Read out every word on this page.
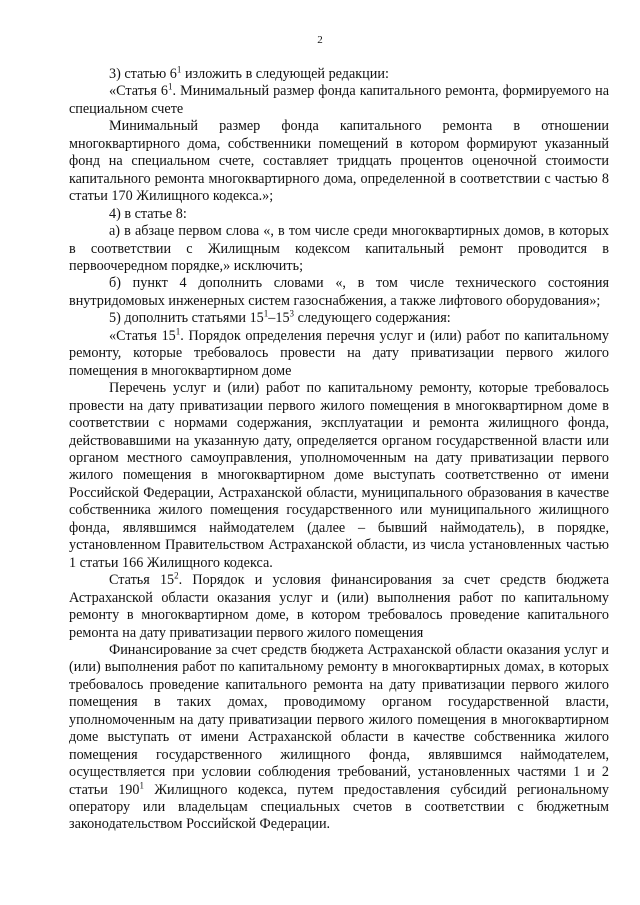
2

3) статью $6^1$ изложить в следующей редакции:

«Статья $6^1$. Минимальный размер фонда капитального ремонта, формируемого на специальном счете

Минимальный размер фонда капитального ремонта в отношении многоквартирного дома, собственники помещений в котором формируют указанный фонд на специальном счете, составляет тридцать процентов оценочной стоимости капитального ремонта многоквартирного дома, определенной в соответствии с частью 8 статьи 170 Жилищного кодекса.»;

4) в статье 8:

а) в абзаце первом слова «, в том числе среди многоквартирных домов, в которых в соответствии с Жилищным кодексом капитальный ремонт проводится в первоочередном порядке,» исключить;

б) пункт 4 дополнить словами «, в том числе технического состояния внутридомовых инженерных систем газоснабжения, а также лифтового оборудования»;

5) дополнить статьями $15^1-15^3$ следующего содержания:

«Статья $15^1$. Порядок определения перечня услуг и (или) работ по капитальному ремонту, которые требовалось провести на дату приватизации первого жилого помещения в многоквартирном доме

Перечень услуг и (или) работ по капитальному ремонту, которые требовалось провести на дату приватизации первого жилого помещения в многоквартирном доме в соответствии с нормами содержания, эксплуатации и ремонта жилищного фонда, действовавшими на указанную дату, определяется органом государственной власти или органом местного самоуправления, уполномоченным на дату приватизации первого жилого помещения в многоквартирном доме выступать соответственно от имени Российской Федерации, Астраханской области, муниципального образования в качестве собственника жилого помещения государственного или муниципального жилищного фонда, являвшимся наймодателем (далее – бывший наймодатель), в порядке, установленном Правительством Астраханской области, из числа установленных частью 1 статьи 166 Жилищного кодекса.

Статья $15^2$. Порядок и условия финансирования за счет средств бюджета Астраханской области оказания услуг и (или) выполнения работ по капитальному ремонту в многоквартирном доме, в котором требовалось проведение капитального ремонта на дату приватизации первого жилого помещения

Финансирование за счет средств бюджета Астраханской области оказания услуг и (или) выполнения работ по капитальному ремонту в многоквартирных домах, в которых требовалось проведение капитального ремонта на дату приватизации первого жилого помещения в таких домах, проводимому органом государственной власти, уполномоченным на дату приватизации первого жилого помещения в многоквартирном доме выступать от имени Астраханской области в качестве собственника жилого помещения государственного жилищного фонда, являвшимся наймодателем, осуществляется при условии соблюдения требований, установленных частями 1 и 2 статьи $190^1$ Жилищного кодекса, путем предоставления субсидий региональному оператору или владельцам специальных счетов в соответствии с бюджетным законодательством Российской Федерации.
